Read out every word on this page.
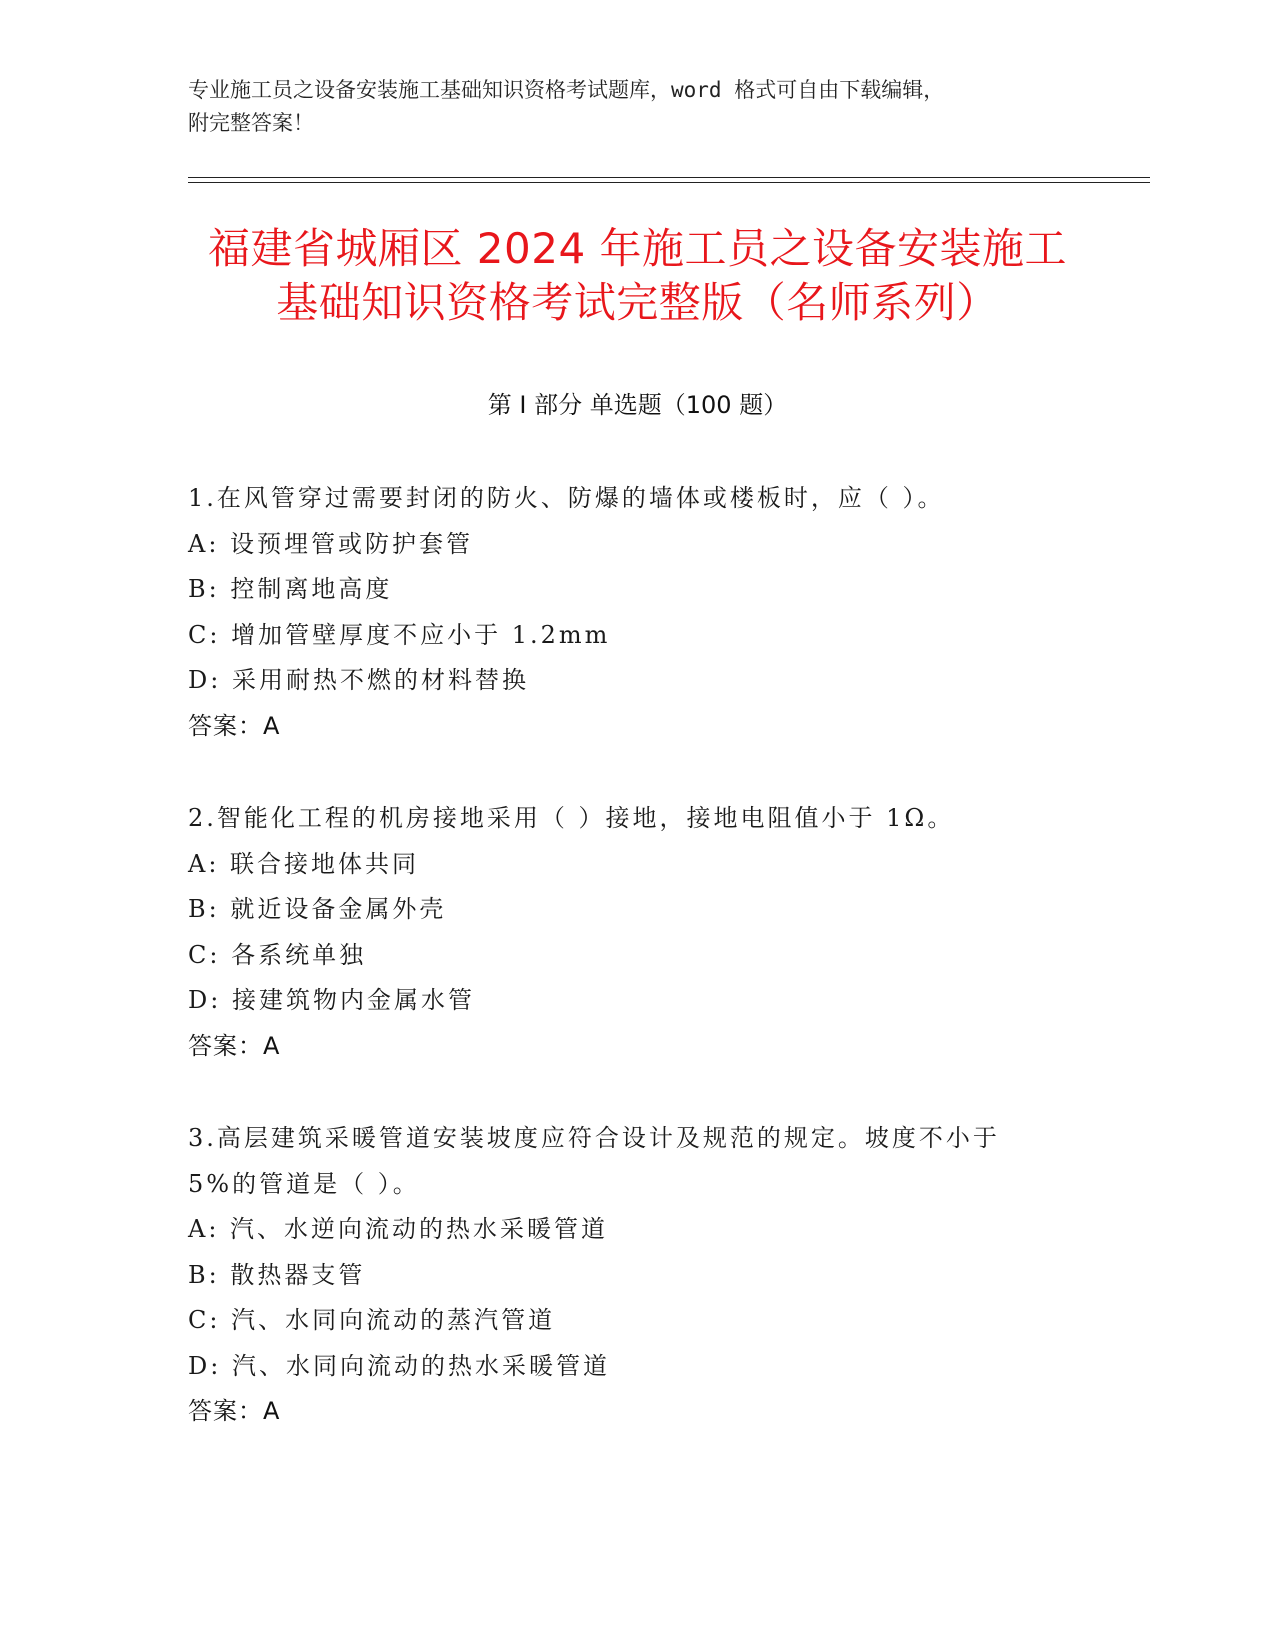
专业施工员之设备安装施工基础知识资格考试题库，word 格式可自由下载编辑，
附完整答案！
福建省城厢区 2024 年施工员之设备安装施工
基础知识资格考试完整版（名师系列）
第 I 部分 单选题（100 题）
1.在风管穿过需要封闭的防火、防爆的墙体或楼板时，应（ ）。
A: 设预埋管或防护套管
B: 控制离地高度
C: 增加管壁厚度不应小于 1.2mm
D: 采用耐热不燃的材料替换
答案：A
2.智能化工程的机房接地采用（ ）接地，接地电阻值小于 1Ω。
A: 联合接地体共同
B: 就近设备金属外壳
C: 各系统单独
D: 接建筑物内金属水管
答案：A
3.高层建筑采暖管道安装坡度应符合设计及规范的规定。坡度不小于
5%的管道是（ ）。
A: 汽、水逆向流动的热水采暖管道
B: 散热器支管
C: 汽、水同向流动的蒸汽管道
D: 汽、水同向流动的热水采暖管道
答案：A
